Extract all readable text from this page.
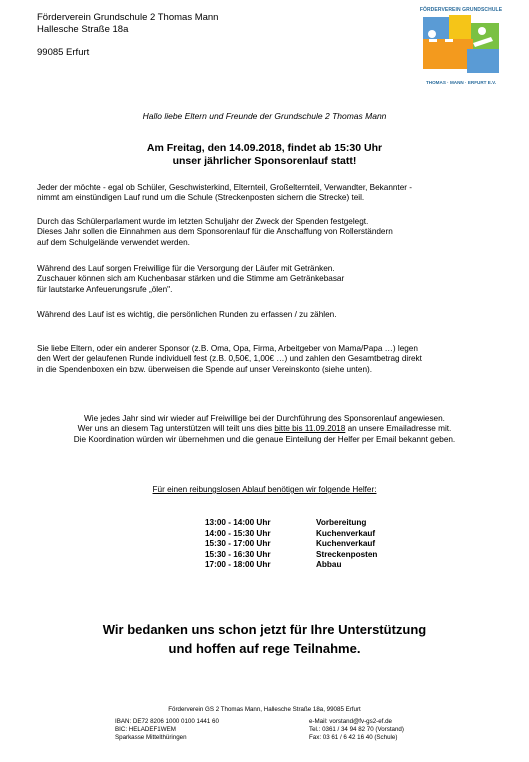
Förderverein Grundschule 2 Thomas Mann
Hallesche Straße 18a
99085 Erfurt
FÖRDERVEREIN GRUNDSCHULE
THOMAS · MANN · ERFURT E.V.
Hallo liebe Eltern und Freunde der Grundschule 2 Thomas Mann
Am Freitag, den 14.09.2018, findet ab 15:30 Uhr
unser jährlicher Sponsorenlauf statt!
Jeder der möchte - egal ob Schüler, Geschwisterkind, Elternteil, Großelternteil, Verwandter, Bekannter -
nimmt am einstündigen Lauf rund um die Schule (Streckenposten sichern die Strecke) teil.
Durch das Schülerparlament wurde im letzten Schuljahr der Zweck der Spenden festgelegt.
Dieses Jahr sollen die Einnahmen aus dem Sponsorenlauf für die Anschaffung von Rollerständern
auf dem Schulgelände verwendet werden.
Während des Lauf sorgen Freiwillige für die Versorgung der Läufer mit Getränken.
Zuschauer können sich am Kuchenbasar stärken und die Stimme am Getränkebasar
für lautstarke Anfeuerungsrufe „ölen".
Während des Lauf ist es wichtig, die persönlichen Runden zu erfassen / zu zählen.
Sie liebe Eltern, oder ein anderer Sponsor (z.B. Oma, Opa, Firma, Arbeitgeber von Mama/Papa …) legen
den Wert der gelaufenen Runde individuell fest (z.B. 0,50€, 1,00€ …) und zahlen den Gesamtbetrag direkt
in die Spendenboxen ein bzw. überweisen die Spende auf unser Vereinskonto (siehe unten).
Wie jedes Jahr sind wir wieder auf Freiwillige bei der Durchführung des Sponsorenlauf angewiesen.
Wer uns an diesem Tag unterstützen will teilt uns dies bitte bis 11.09.2018 an unsere Emailadresse mit.
Die Koordination würden wir übernehmen und die genaue Einteilung der Helfer per Email bekannt geben.
Für einen reibungslosen Ablauf benötigen wir folgende Helfer:
13:00 - 14:00 Uhr	Vorbereitung
14:00 - 15:30 Uhr	Kuchenverkauf
15:30 - 17:00 Uhr	Kuchenverkauf
15:30 - 16:30 Uhr	Streckenposten
17:00 - 18:00 Uhr	Abbau
Wir bedanken uns schon jetzt für Ihre Unterstützung
und hoffen auf rege Teilnahme.
Förderverein GS 2 Thomas Mann, Hallesche Straße 18a, 99085 Erfurt
IBAN: DE72 8206 1000 0100 1441 60
BIC: HELADEF1WEM
Sparkasse Mittelthüringen
e-Mail: vorstand@fv-gs2-ef.de
Tel.: 0361 / 34 94 82 70 (Vorstand)
Fax: 03 61 / 6 42 16 40 (Schule)
